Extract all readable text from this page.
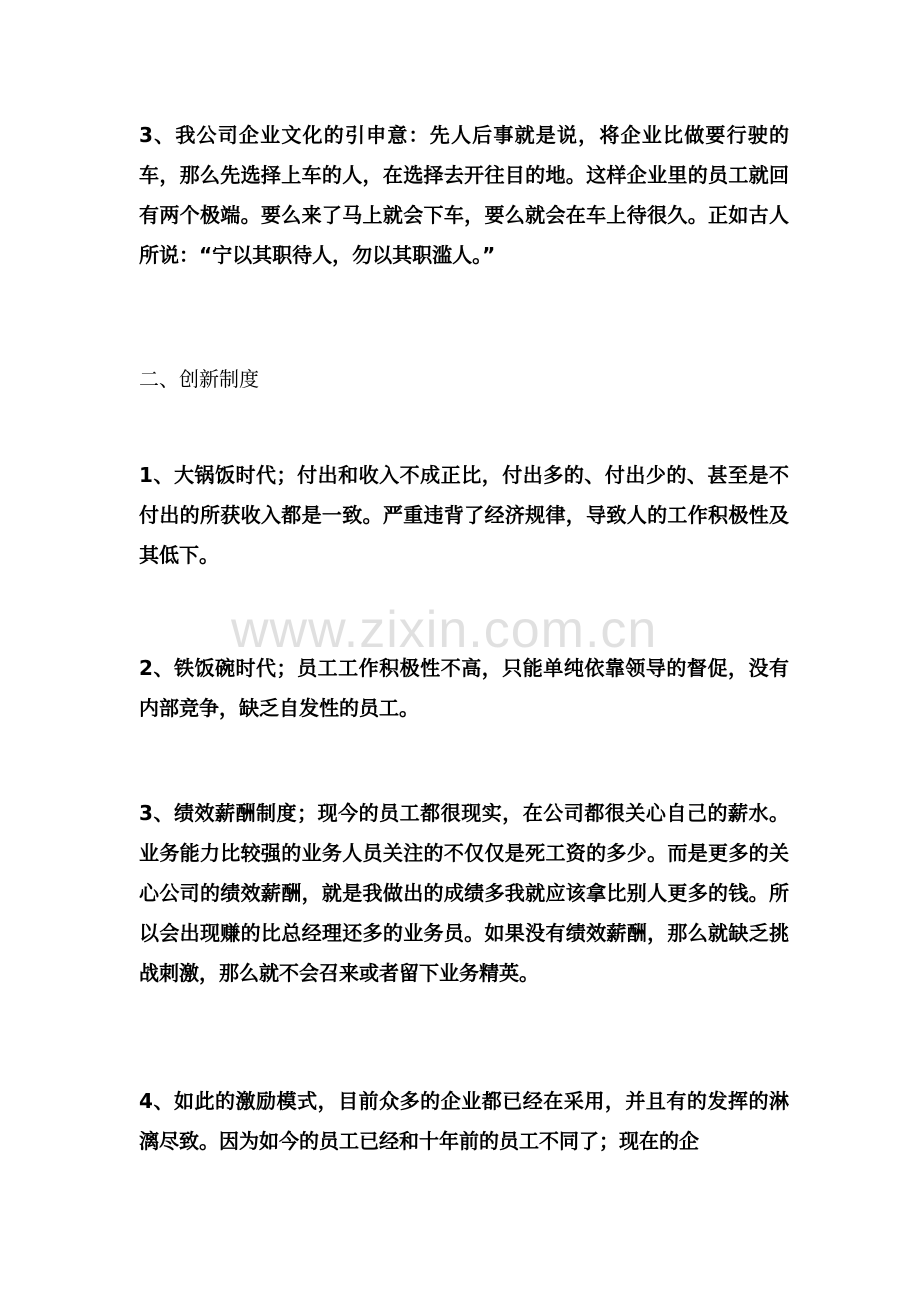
3、我公司企业文化的引申意：先人后事就是说，将企业比做要行驶的车，那么先选择上车的人，在选择去开往目的地。这样企业里的员工就回有两个极端。要么来了马上就会下车，要么就会在车上待很久。正如古人所说：“宁以其职待人，勿以其职滥人。”

二、创新制度

1、大锅饭时代；付出和收入不成正比，付出多的、付出少的、甚至是不付出的所获收入都是一致。严重违背了经济规律，导致人的工作积极性及其低下。

www.zixin.com.cn

2、铁饭碗时代；员工工作积极性不高，只能单纯依靠领导的督促，没有内部竞争，缺乏自发性的员工。

3、绩效薪酬制度；现今的员工都很现实，在公司都很关心自己的薪水。业务能力比较强的业务人员关注的不仅仅是死工资的多少。而是更多的关心公司的绩效薪酬，就是我做出的成绩多我就应该拿比别人更多的钱。所以会出现赚的比总经理还多的业务员。如果没有绩效薪酬，那么就缺乏挑战刺激，那么就不会召来或者留下业务精英。

4、如此的激励模式，目前众多的企业都已经在采用，并且有的发挥的淋漓尽致。因为如今的员工已经和十年前的员工不同了；现在的企
